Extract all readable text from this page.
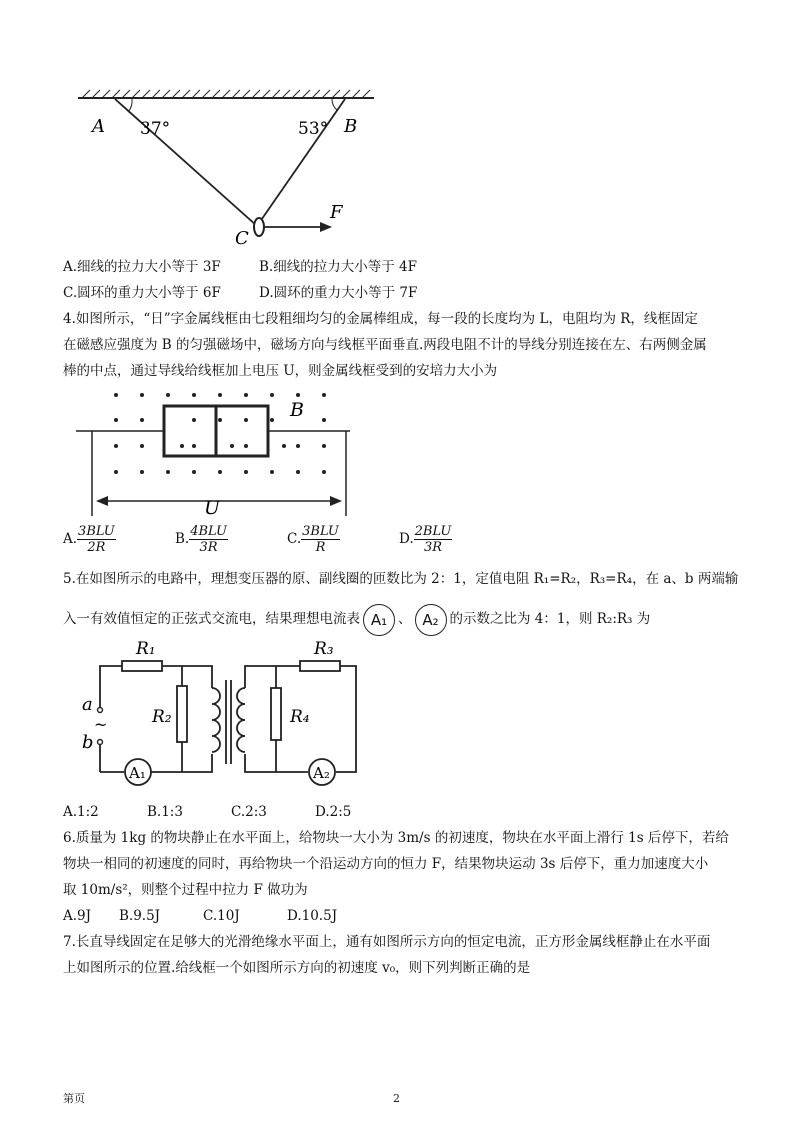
A 37°	53° B
C
F
A.细线的拉力大小等于 3F	B.细线的拉力大小等于 4F
C.圆环的重力大小等于 6F	D.圆环的重力大小等于 7F
4.如图所示，“日”字金属线框由七段粗细均匀的金属棒组成，每一段的长度均为 L，电阻均为 R，线框固定
在磁感应强度为 B 的匀强磁场中，磁场方向与线框平面垂直.两段电阻不计的导线分别连接在左、右两侧金属
棒的中点，通过导线给线框加上电压 U，则金属线框受到的安培力大小为
B
U
A. $\frac{\text{3BLU}}{2R}$	B. $\frac{\text{4BLU}}{3R}$	C. $\frac{\text{3BLU}}{R}$	D. $\frac{\text{2BLU}}{3R}$
5.在如图所示的电路中，理想变压器的原、副线圈的匝数比为 2：1，定值电阻 R₁=R₂，R₃=R₄，在 a、b 两端输
入一有效值恒定的正弦式交流电，结果理想电流表 A₁ 、 A₂ 的示数之比为 4：1，则 R₂:R₃ 为
A₁	A₂
R₁
R₂
R₃
R₄
a
~
b
A.1:2	B.1:3	C.2:3	D.2:5
6.质量为 1kg 的物块静止在水平面上，给物块一大小为 3m/s 的初速度，物块在水平面上滑行 1s 后停下，若给
物块一相同的初速度的同时，再给物块一个沿运动方向的恒力 F，结果物块运动 3s 后停下，重力加速度大小
取 10m/s²，则整个过程中拉力 F 做功为
A.9J B.9.5J	C.10J	D.10.5J
7.长直导线固定在足够大的光滑绝缘水平面上，通有如图所示方向的恒定电流，正方形金属线框静止在水平面
上如图所示的位置.给线框一个如图所示方向的初速度 v₀，则下列判断正确的是
第页	2
